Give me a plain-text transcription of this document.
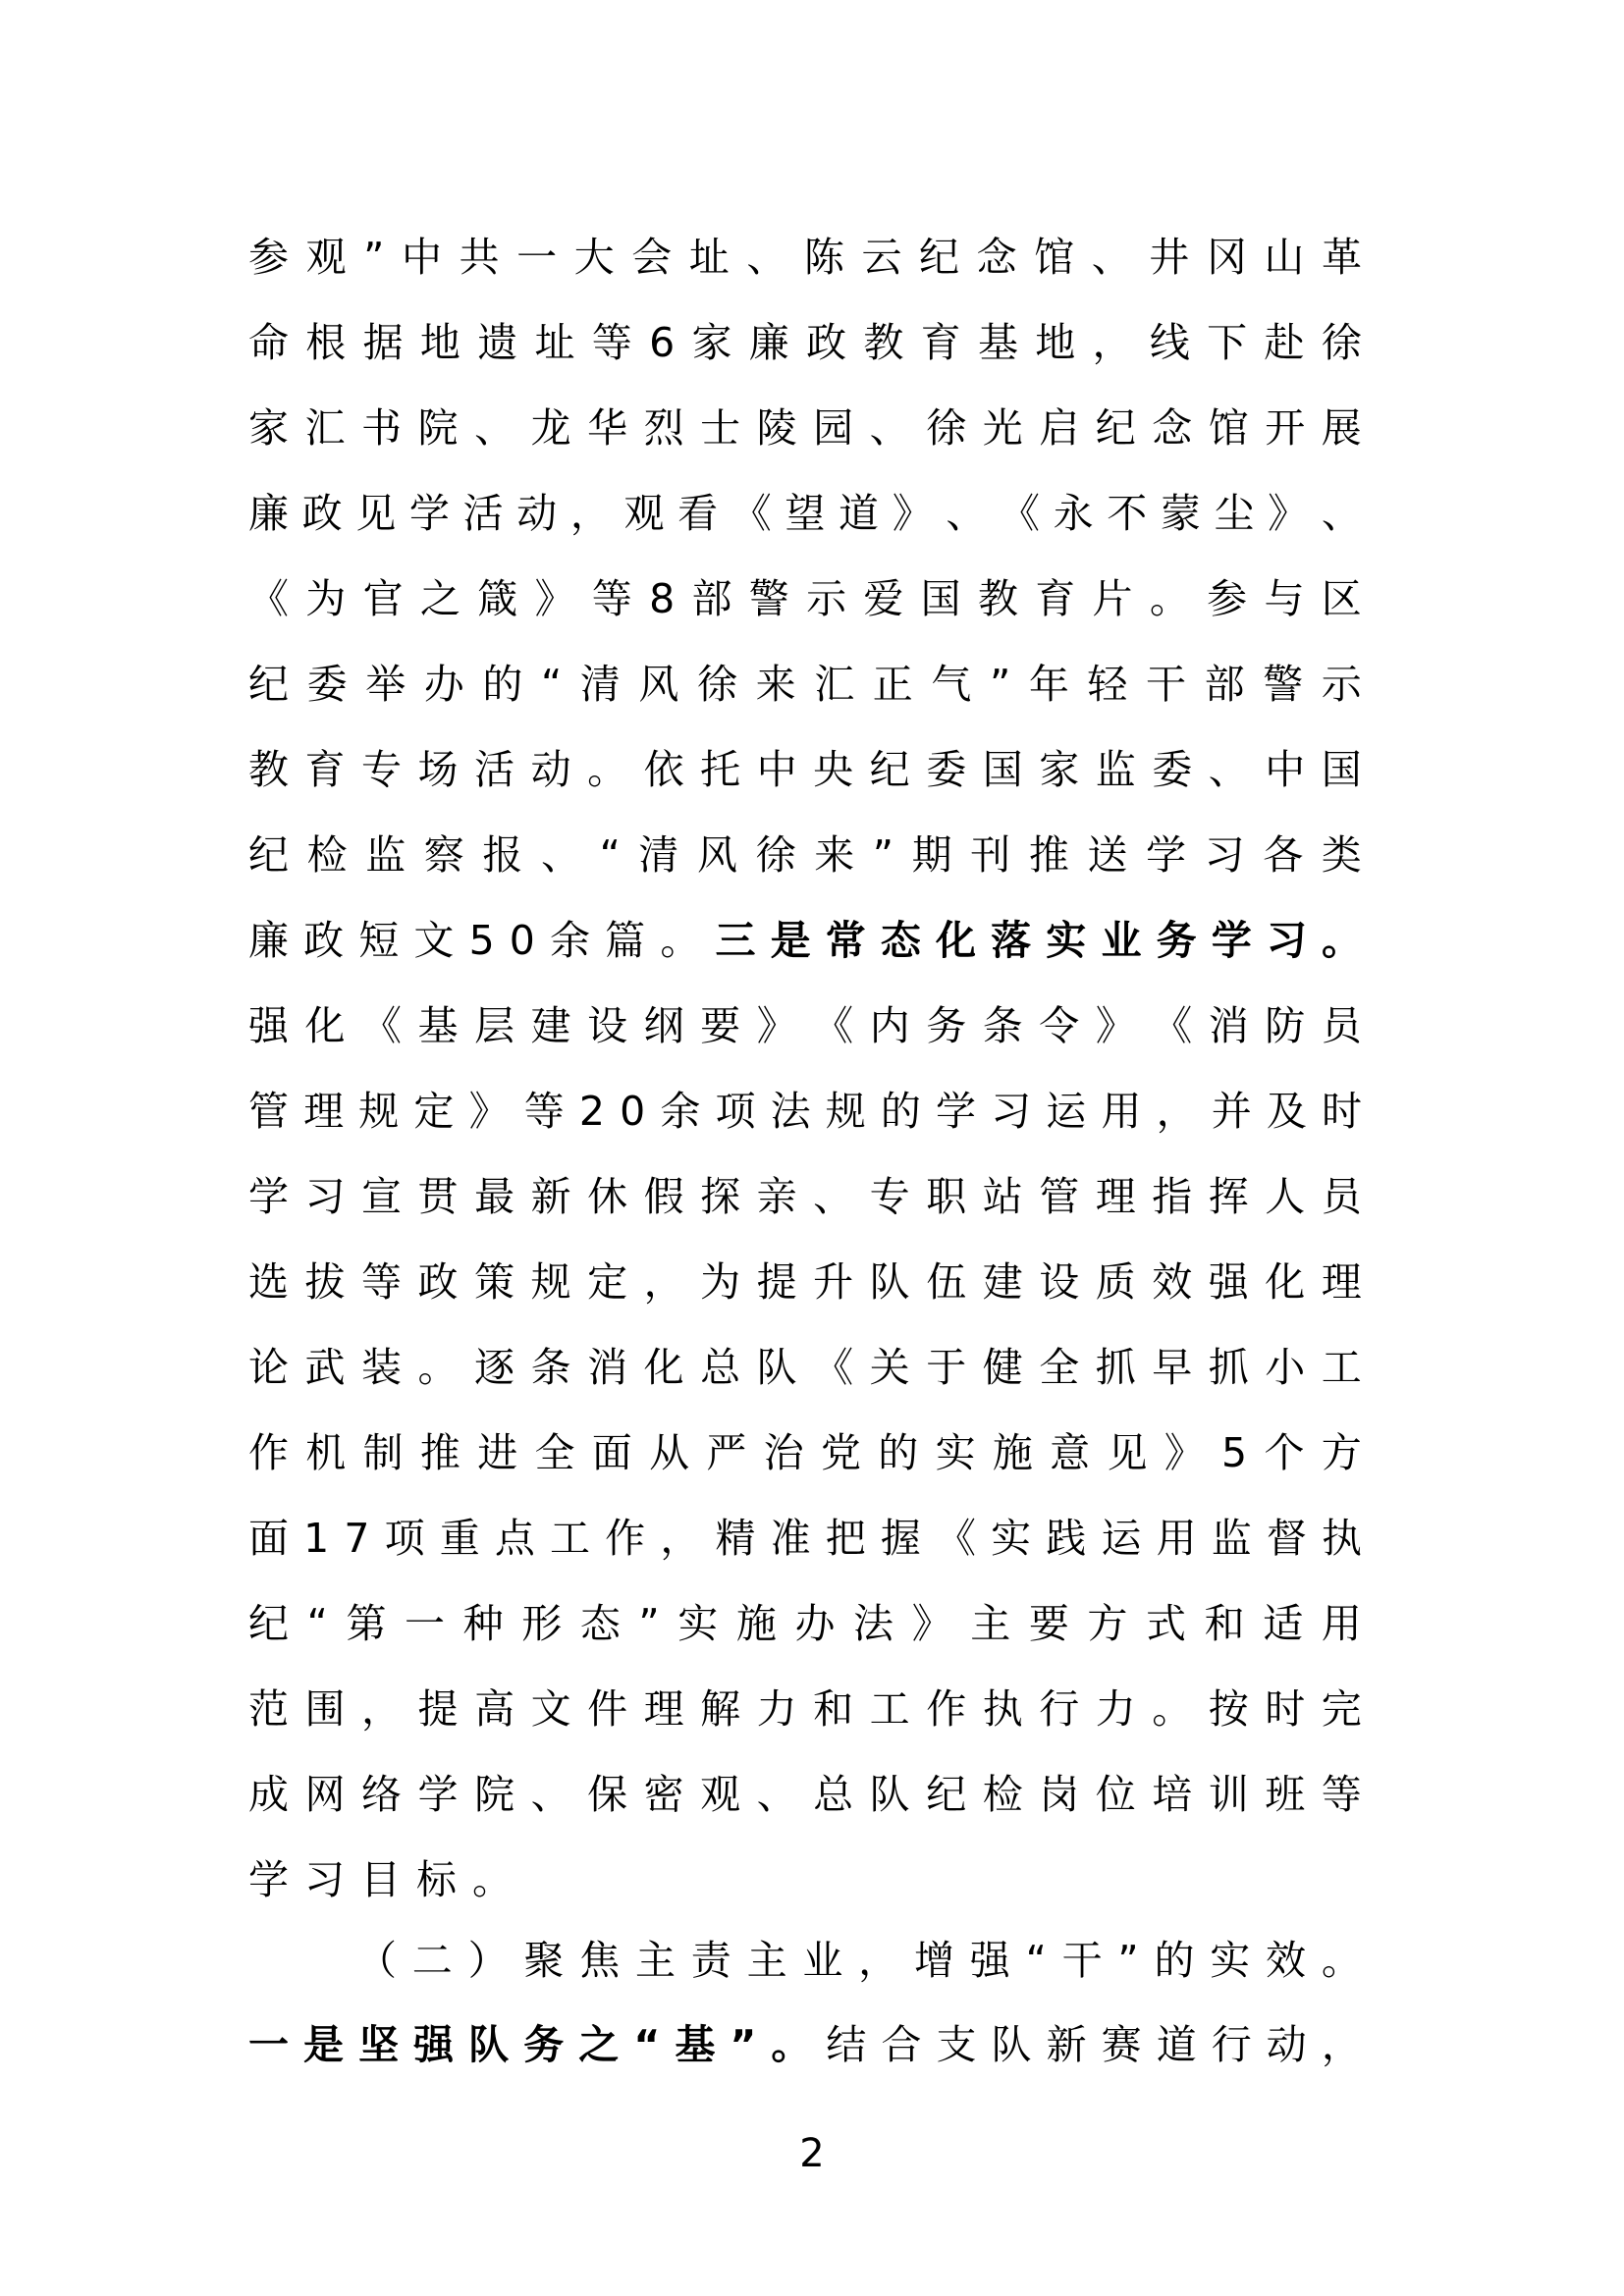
参 观 ” 中 共 一 大 会 址 、 陈 云 纪 念 馆 、 井 冈 山 革
命 根 据 地 遗 址 等 6 家 廉 政 教 育 基 地 ， 线 下 赴 徐
家 汇 书 院 、 龙 华 烈 士 陵 园 、 徐 光 启 纪 念 馆 开 展
廉 政 见 学 活 动 ， 观 看 《 望 道 》 、 《 永 不 蒙 尘 》 、
《 为 官 之 箴 》 等 8 部 警 示 爱 国 教 育 片 。 参 与 区
纪 委 举 办 的 “ 清 风 徐 来 汇 正 气 ” 年 轻 干 部 警 示
教 育 专 场 活 动 。 依 托 中 央 纪 委 国 家 监 委 、 中 国
纪 检 监 察 报 、 “ 清 风 徐 来 ” 期 刊 推 送 学 习 各 类
廉 政 短 文 5 0 余 篇 。 三 是 常 态 化 落 实 业 务 学 习 。
强 化 《 基 层 建 设 纲 要 》 《 内 务 条 令 》 《 消 防 员
管 理 规 定 》 等 2 0 余 项 法 规 的 学 习 运 用 ， 并 及 时
学 习 宣 贯 最 新 休 假 探 亲 、 专 职 站 管 理 指 挥 人 员
选 拔 等 政 策 规 定 ， 为 提 升 队 伍 建 设 质 效 强 化 理
论 武 装 。 逐 条 消 化 总 队 《 关 于 健 全 抓 早 抓 小 工
作 机 制 推 进 全 面 从 严 治 党 的 实 施 意 见 》 5 个 方
面 1 7 项 重 点 工 作 ， 精 准 把 握 《 实 践 运 用 监 督 执
纪 “ 第 一 种 形 态 ” 实 施 办 法 》 主 要 方 式 和 适 用
范 围 ， 提 高 文 件 理 解 力 和 工 作 执 行 力 。 按 时 完
成 网 络 学 院 、 保 密 观 、 总 队 纪 检 岗 位 培 训 班 等
学习目标。
（ 二 ） 聚 焦 主 责 主 业 ， 增 强 “ 干 ” 的 实 效 。
一 是 坚 强 队 务 之 “ 基 ” 。 结 合 支 队 新 赛 道 行 动 ，
2
